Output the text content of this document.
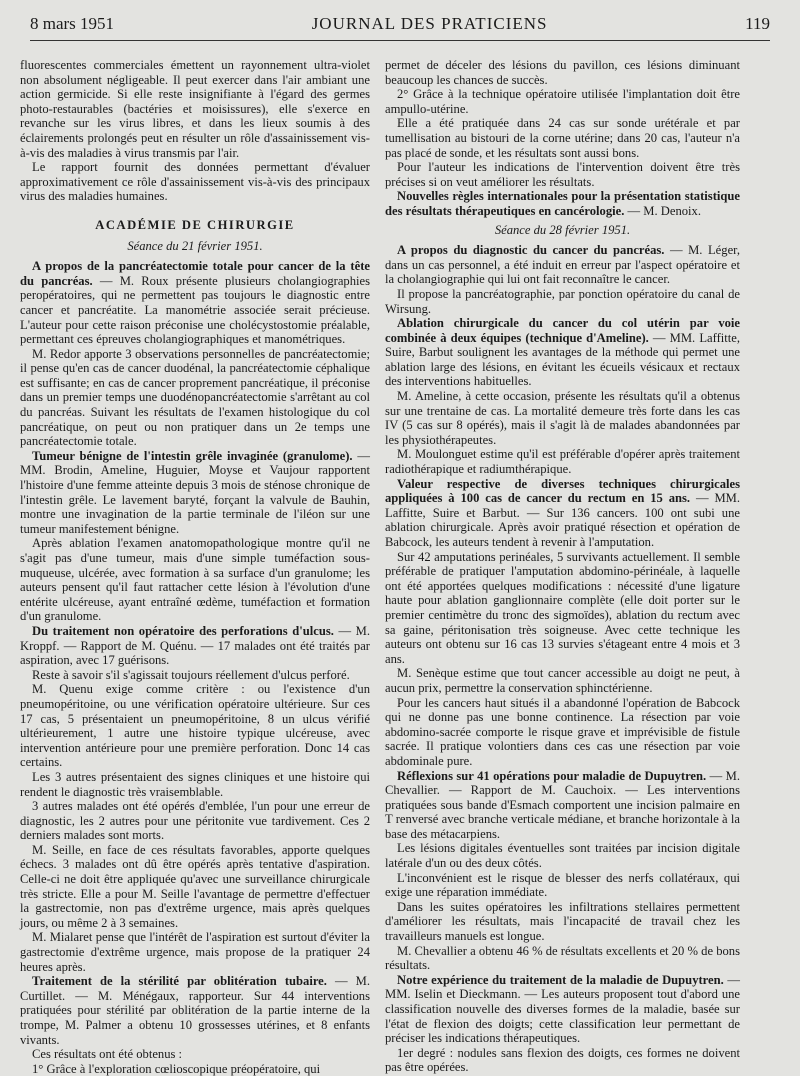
8 mars 1951	JOURNAL DES PRATICIENS	119

fluorescentes commerciales émettent un rayonnement ultra-violet non absolument négligeable. Il peut exercer dans l'air ambiant une action germicide. Si elle reste insignifiante à l'égard des germes photo-restaurables (bactéries et moisissures), elle s'exerce en revanche sur les virus libres, et dans les lieux soumis à des éclairements prolongés peut en résulter un rôle d'assainissement vis-à-vis des maladies à virus transmis par l'air.

Le rapport fournit des données permettant d'évaluer approximativement ce rôle d'assainissement vis-à-vis des principaux virus des maladies humaines.

ACADÉMIE DE CHIRURGIE
Séance du 21 février 1951.

A propos de la pancréatectomie totale pour cancer de la tête du pancréas. — M. Roux présente plusieurs cholangiographies peropératoires, qui ne permettent pas toujours le diagnostic entre cancer et pancréatite. La manométrie associée serait précieuse. L'auteur pour cette raison préconise une cholécystostomie préalable, permettant ces épreuves cholangiographiques et manométriques.

M. Redor apporte 3 observations personnelles de pancréatectomie; il pense qu'en cas de cancer duodénal, la pancréatectomie céphalique est suffisante; en cas de cancer proprement pancréatique, il préconise dans un premier temps une duodénopancréatectomie s'arrêtant au col du pancréas. Suivant les résultats de l'examen histologique du col pancréatique, on peut ou non pratiquer dans un 2e temps une pancréatectomie totale.

Tumeur bénigne de l'intestin grêle invaginée (granulome). — MM. Brodin, Ameline, Huguier, Moyse et Vaujour rapportent l'histoire d'une femme atteinte depuis 3 mois de sténose chronique de l'intestin grêle. Le lavement baryté, forçant la valvule de Bauhin, montre une invagination de la partie terminale de l'iléon sur une tumeur manifestement bénigne.

Après ablation l'examen anatomopathologique montre qu'il ne s'agit pas d'une tumeur, mais d'une simple tuméfaction sous-muqueuse, ulcérée, avec formation à sa surface d'un granulome; les auteurs pensent qu'il faut rattacher cette lésion à l'évolution d'une entérite ulcéreuse, ayant entraîné œdème, tuméfaction et formation d'un granulome.

Du traitement non opératoire des perforations d'ulcus. — M. Kroppf. — Rapport de M. Quénu. — 17 malades ont été traités par aspiration, avec 17 guérisons.

Reste à savoir s'il s'agissait toujours réellement d'ulcus perforé.

M. Quenu exige comme critère : ou l'existence d'un pneumopéritoine, ou une vérification opératoire ultérieure. Sur ces 17 cas, 5 présentaient un pneumopéritoine, 8 un ulcus vérifié ultérieurement, 1 autre une histoire typique ulcéreuse, avec intervention antérieure pour une première perforation. Donc 14 cas certains.

Les 3 autres présentaient des signes cliniques et une histoire qui rendent le diagnostic très vraisemblable.

3 autres malades ont été opérés d'emblée, l'un pour une erreur de diagnostic, les 2 autres pour une péritonite vue tardivement. Ces 2 derniers malades sont morts.

M. Seille, en face de ces résultats favorables, apporte quelques échecs. 3 malades ont dû être opérés après tentative d'aspiration. Celle-ci ne doit être appliquée qu'avec une surveillance chirurgicale très stricte. Elle a pour M. Seille l'avantage de permettre d'effectuer la gastrectomie, non pas d'extrême urgence, mais après quelques jours, ou même 2 à 3 semaines.

M. Mialaret pense que l'intérêt de l'aspiration est surtout d'éviter la gastrectomie d'extrême urgence, mais propose de la pratiquer 24 heures après.

Traitement de la stérilité par oblitération tubaire. — M. Curtillet. — M. Ménégaux, rapporteur. Sur 44 interventions pratiquées pour stérilité par oblitération de la partie interne de la trompe, M. Palmer a obtenu 10 grossesses utérines, et 8 enfants vivants.

Ces résultats ont été obtenus :

1° Grâce à l'exploration cœlioscopique préopératoire, qui

permet de déceler des lésions du pavillon, ces lésions diminuant beaucoup les chances de succès.

2° Grâce à la technique opératoire utilisée l'implantation doit être ampullo-utérine.

Elle a été pratiquée dans 24 cas sur sonde urétérale et par tumellisation au bistouri de la corne utérine; dans 20 cas, l'auteur n'a pas placé de sonde, et les résultats sont aussi bons.

Pour l'auteur les indications de l'intervention doivent être très précises si on veut améliorer les résultats.

Nouvelles règles internationales pour la présentation statistique des résultats thérapeutiques en cancérologie. — M. Denoix.

Séance du 28 février 1951.

A propos du diagnostic du cancer du pancréas. — M. Léger, dans un cas personnel, a été induit en erreur par l'aspect opératoire et la cholangiographie qui lui ont fait reconnaître le cancer.

Il propose la pancréatographie, par ponction opératoire du canal de Wirsung.

Ablation chirurgicale du cancer du col utérin par voie combinée à deux équipes (technique d'Ameline). — MM. Laffitte, Suire, Barbut soulignent les avantages de la méthode qui permet une ablation large des lésions, en évitant les écueils vésicaux et rectaux des interventions habituelles.

M. Ameline, à cette occasion, présente les résultats qu'il a obtenus sur une trentaine de cas. La mortalité demeure très forte dans les cas IV (5 cas sur 8 opérés), mais il s'agit là de malades abandonnées par les physiothérapeutes.

M. Moulonguet estime qu'il est préférable d'opérer après traitement radiothérapique et radiumthérapique.

Valeur respective de diverses techniques chirurgicales appliquées à 100 cas de cancer du rectum en 15 ans. — MM. Laffitte, Suire et Barbut. — Sur 136 cancers. 100 ont subi une ablation chirurgicale. Après avoir pratiqué résection et opération de Babcock, les auteurs tendent à revenir à l'amputation.

Sur 42 amputations perinéales, 5 survivants actuellement. Il semble préférable de pratiquer l'amputation abdomino-périnéale, à laquelle ont été apportées quelques modifications : nécessité d'une ligature haute pour ablation ganglionnaire complète (elle doit porter sur le premier centimètre du tronc des sigmoïdes), ablation du rectum avec sa gaine, péritonisation très soigneuse. Avec cette technique les auteurs ont obtenu sur 16 cas 13 survies s'étageant entre 4 mois et 3 ans.

M. Senèque estime que tout cancer accessible au doigt ne peut, à aucun prix, permettre la conservation sphinctérienne.

Pour les cancers haut situés il a abandonné l'opération de Babcock qui ne donne pas une bonne continence. La résection par voie abdomino-sacrée comporte le risque grave et imprévisible de fistule sacrée. Il pratique volontiers dans ces cas une résection par voie abdominale pure.

Réflexions sur 41 opérations pour maladie de Dupuytren. — M. Chevallier. — Rapport de M. Cauchoix. — Les interventions pratiquées sous bande d'Esmach comportent une incision palmaire en T renversé avec branche verticale médiane, et branche horizontale à la base des métacarpiens.

Les lésions digitales éventuelles sont traitées par incision digitale latérale d'un ou des deux côtés.

L'inconvénient est le risque de blesser des nerfs collatéraux, qui exige une réparation immédiate.

Dans les suites opératoires les infiltrations stellaires permettent d'améliorer les résultats, mais l'incapacité de travail chez les travailleurs manuels est longue.

M. Chevallier a obtenu 46 % de résultats excellents et 20 % de bons résultats.

Notre expérience du traitement de la maladie de Dupuytren. — MM. Iselin et Dieckmann. — Les auteurs proposent tout d'abord une classification nouvelle des diverses formes de la maladie, basée sur l'état de flexion des doigts; cette classification leur permettant de préciser les indications thérapeutiques.

1er degré : nodules sans flexion des doigts, ces formes ne doivent pas être opérées.
